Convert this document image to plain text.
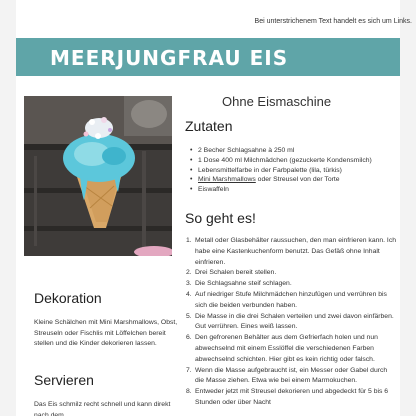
Bei unterstrichenem Text handelt es sich um Links.
MEERJUNGFRAU EIS
Ohne Eismaschine
Zutaten
• 2 Becher Schlagsahne à 250 ml
• 1 Dose 400 ml Milchmädchen (gezuckerte Kondensmilch)
• Lebensmittelfarbe in der Farbpalette (lila, türkis)
• Mini Marshmallows oder Streusel von der Torte
• Eiswaffeln
So geht es!
1. Metall oder Glasbehälter raussuchen, den man einfrieren kann. Ich habe eine Kastenkuchenform benutzt. Das Gefäß ohne Inhalt einfrieren.
2. Drei Schalen bereit stellen.
3. Die Schlagsahne steif schlagen.
4. Auf niedriger Stufe Milchmädchen hinzufügen und verrühren bis sich die beiden verbunden haben.
5. Die Masse in die drei Schalen verteilen und zwei davon einfärben. Gut verrühren. Eines weiß lassen.
6. Den gefrorenen Behälter aus dem Gefrierfach holen und nun abwechselnd mit einem Esslöffel die verschiedenen Farben abwechselnd schichten. Hier gibt es kein richtig oder falsch.
7. Wenn die Masse aufgebraucht ist, ein Messer oder Gabel durch die Masse ziehen. Etwa wie bei einem Marmokuchen.
8. Entweder jetzt mit Streusel dekorieren und abgedeckt für 5 bis 6 Stunden oder über Nacht
Dekoration
Kleine Schälchen mit Mini Marshmallows, Obst, Streuseln oder Fischlis mit Löffelchen bereit stellen und die Kinder dekorieren lassen.
Servieren
Das Eis schmilz recht schnell und kann direkt nach dem
